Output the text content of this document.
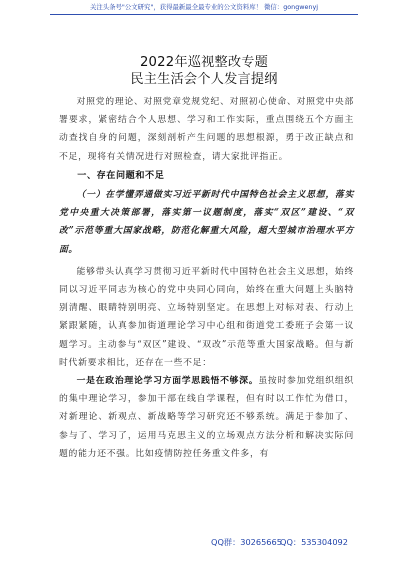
关注头条号"公文研究"，获得最新最全最专业的公文资料库！ 微信：gongwenyj
2022年巡视整改专题
民主生活会个人发言提纲

对照党的理论、对照党章党规党纪、对照初心使命、对照党中央部署要求，紧密结合个人思想、学习和工作实际，重点围绕五个方面主动查找自身的问题，深刻剖析产生问题的思想根源，勇于改正缺点和不足，现将有关情况进行对照检查，请大家批评指正。

一、存在问题和不足

（一）在学懂弄通做实习近平新时代中国特色社会主义思想，落实党中央重大决策部署，落实第一议题制度，落实“双区”建设、“双改”示范等重大国家战略，防范化解重大风险，超大型城市治理水平方面。

能够带头认真学习贯彻习近平新时代中国特色社会主义思想，始终同以习近平同志为核心的党中央同心同向，始终在重大问题上头脑特别清醒、眼睛特别明亮、立场特别坚定。在思想上对标对表、行动上紧跟紧随，认真参加街道理论学习中心组和街道党工委班子会第一议题学习。主动参与“双区”建设、“双改”示范等重大国家战略。但与新时代新要求相比，还存在一些不足：

一是在政治理论学习方面学思践悟不够深。虽按时参加党组织组织的集中理论学习，参加干部在线自学课程，但有时以工作忙为借口，对新理论、新观点、新战略等学习研究还不够系统。满足于参加了、参与了、学习了，运用马克思主义的立场观点方法分析和解决实际问题的能力还不强。比如疫情防控任务重文件多，有

QQ群：30265665
QQ：535304092
